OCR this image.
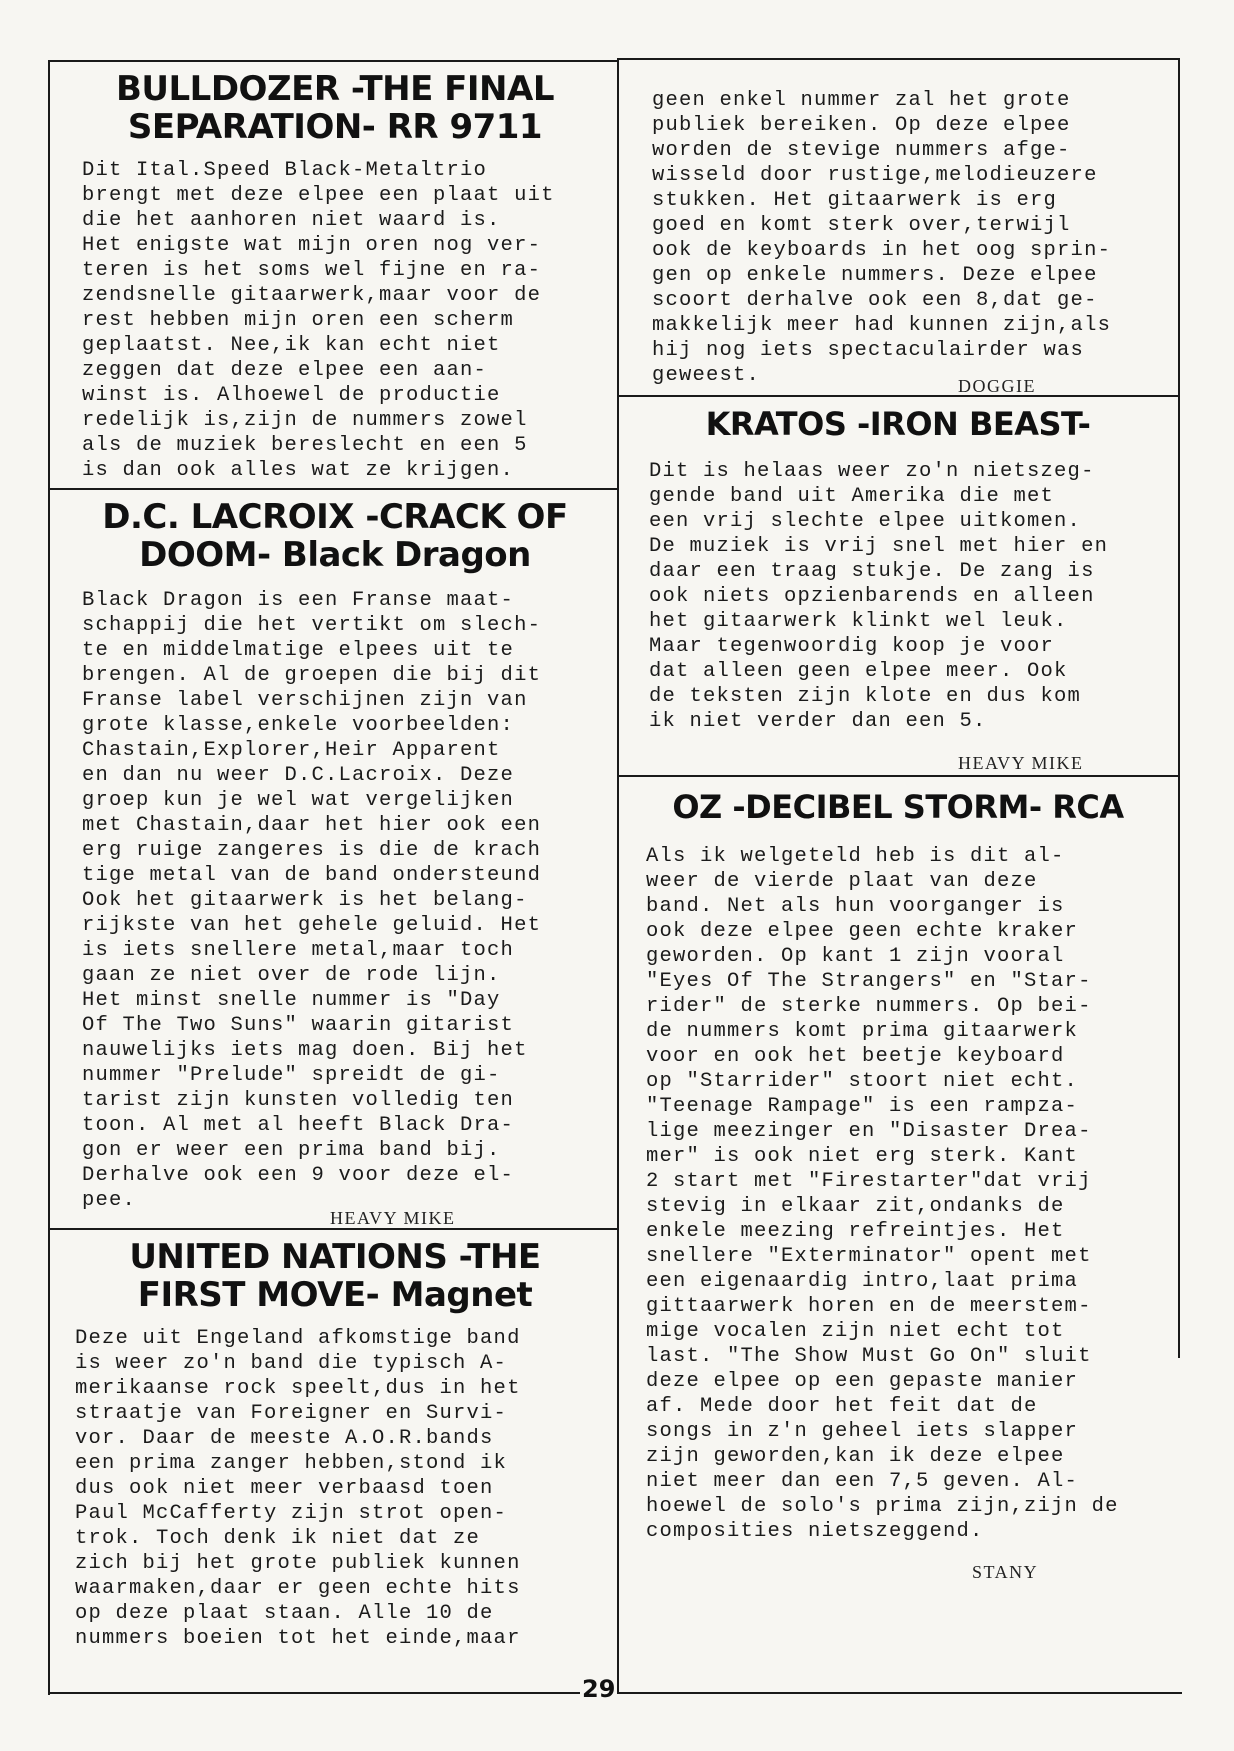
BULLDOZER -THE FINAL
SEPARATION- RR 9711
Dit Ital.Speed Black-Metaltrio
brengt met deze elpee een plaat uit
die het aanhoren niet waard is.
Het enigste wat mijn oren nog ver-
teren is het soms wel fijne en ra-
zendsnelle gitaarwerk,maar voor de
rest hebben mijn oren een scherm
geplaatst. Nee,ik kan echt niet
zeggen dat deze elpee een aan-
winst is. Alhoewel de productie
redelijk is,zijn de nummers zowel
als de muziek bereslecht en een 5
is dan ook alles wat ze krijgen.
D.C. LACROIX -CRACK OF
DOOM- Black Dragon
Black Dragon is een Franse maat-
schappij die het vertikt om slech-
te en middelmatige elpees uit te
brengen. Al de groepen die bij dit
Franse label verschijnen zijn van
grote klasse,enkele voorbeelden:
Chastain,Explorer,Heir Apparent
en dan nu weer D.C.Lacroix. Deze
groep kun je wel wat vergelijken
met Chastain,daar het hier ook een
erg ruige zangeres is die de krach
tige metal van de band ondersteund
Ook het gitaarwerk is het belang-
rijkste van het gehele geluid. Het
is iets snellere metal,maar toch
gaan ze niet over de rode lijn.
Het minst snelle nummer is "Day
Of The Two Suns" waarin gitarist
nauwelijks iets mag doen. Bij het
nummer "Prelude" spreidt de gi-
tarist zijn kunsten volledig ten
toon. Al met al heeft Black Dra-
gon er weer een prima band bij.
Derhalve ook een 9 voor deze el-
pee.
HEAVY MIKE
UNITED NATIONS -THE
FIRST MOVE- Magnet
Deze uit Engeland afkomstige band
is weer zo'n band die typisch A-
merikaanse rock speelt,dus in het
straatje van Foreigner en Survi-
vor. Daar de meeste A.O.R.bands
een prima zanger hebben,stond ik
dus ook niet meer verbaasd toen
Paul McCafferty zijn strot open-
trok. Toch denk ik niet dat ze
zich bij het grote publiek kunnen
waarmaken,daar er geen echte hits
op deze plaat staan. Alle 10 de
nummers boeien tot het einde,maar
geen enkel nummer zal het grote
publiek bereiken. Op deze elpee
worden de stevige nummers afge-
wisseld door rustige,melodieuzere
stukken. Het gitaarwerk is erg
goed en komt sterk over,terwijl
ook de keyboards in het oog sprin-
gen op enkele nummers. Deze elpee
scoort derhalve ook een 8,dat ge-
makkelijk meer had kunnen zijn,als
hij nog iets spectaculairder was
geweest.	DOGGIE
KRATOS -IRON BEAST-
Dit is helaas weer zo'n nietszeg-
gende band uit Amerika die met
een vrij slechte elpee uitkomen.
De muziek is vrij snel met hier en
daar een traag stukje. De zang is
ook niets opzienbarends en alleen
het gitaarwerk klinkt wel leuk.
Maar tegenwoordig koop je voor
dat alleen geen elpee meer. Ook
de teksten zijn klote en dus kom
ik niet verder dan een 5.
HEAVY MIKE
OZ -DECIBEL STORM- RCA
Als ik welgeteld heb is dit al-
weer de vierde plaat van deze
band. Net als hun voorganger is
ook deze elpee geen echte kraker
geworden. Op kant 1 zijn vooral
"Eyes Of The Strangers" en "Star-
rider" de sterke nummers. Op bei-
de nummers komt prima gitaarwerk
voor en ook het beetje keyboard
op "Starrider" stoort niet echt.
"Teenage Rampage" is een rampza-
lige meezinger en "Disaster Drea-
mer" is ook niet erg sterk. Kant
2 start met "Firestarter"dat vrij
stevig in elkaar zit,ondanks de
enkele meezing refreintjes. Het
snellere "Exterminator" opent met
een eigenaardig intro,laat prima
gittaarwerk horen en de meerstem-
mige vocalen zijn niet echt tot
last. "The Show Must Go On" sluit
deze elpee op een gepaste manier
af. Mede door het feit dat de
songs in z'n geheel iets slapper
zijn geworden,kan ik deze elpee
niet meer dan een 7,5 geven. Al-
hoewel de solo's prima zijn,zijn de
composities nietszeggend.
STANY
29
